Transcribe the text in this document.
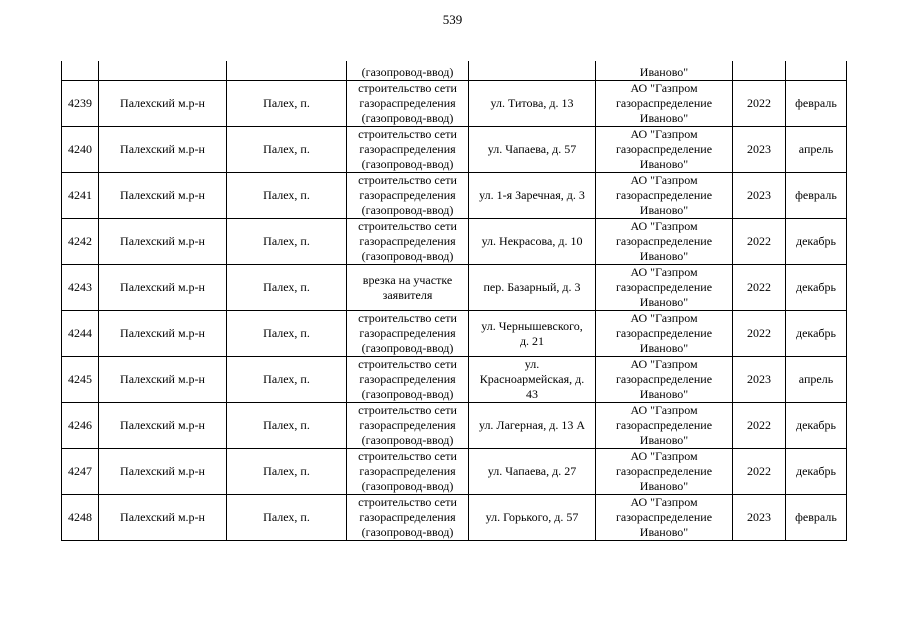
539
			(газопровод-ввод)		Иваново"		
4239	Палехский м.р-н	Палех, п.	строительство сети
газораспределения
(газопровод-ввод)	ул. Титова, д. 13	АО "Газпром
газораспределение
Иваново"	2022	февраль
4240	Палехский м.р-н	Палех, п.	строительство сети
газораспределения
(газопровод-ввод)	ул. Чапаева, д. 57	АО "Газпром
газораспределение
Иваново"	2023	апрель
4241	Палехский м.р-н	Палех, п.	строительство сети
газораспределения
(газопровод-ввод)	ул. 1-я Заречная, д. 3	АО "Газпром
газораспределение
Иваново"	2023	февраль
4242	Палехский м.р-н	Палех, п.	строительство сети
газораспределения
(газопровод-ввод)	ул. Некрасова, д. 10	АО "Газпром
газораспределение
Иваново"	2022	декабрь
4243	Палехский м.р-н	Палех, п.	врезка на участке
заявителя	пер. Базарный, д. 3	АО "Газпром
газораспределение
Иваново"	2022	декабрь
4244	Палехский м.р-н	Палех, п.	строительство сети
газораспределения
(газопровод-ввод)	ул. Чернышевского,
д. 21	АО "Газпром
газораспределение
Иваново"	2022	декабрь
4245	Палехский м.р-н	Палех, п.	строительство сети
газораспределения
(газопровод-ввод)	ул.
Красноармейская, д.
43	АО "Газпром
газораспределение
Иваново"	2023	апрель
4246	Палехский м.р-н	Палех, п.	строительство сети
газораспределения
(газопровод-ввод)	ул. Лагерная, д. 13 А	АО "Газпром
газораспределение
Иваново"	2022	декабрь
4247	Палехский м.р-н	Палех, п.	строительство сети
газораспределения
(газопровод-ввод)	ул. Чапаева, д. 27	АО "Газпром
газораспределение
Иваново"	2022	декабрь
4248	Палехский м.р-н	Палех, п.	строительство сети
газораспределения
(газопровод-ввод)	ул. Горького, д. 57	АО "Газпром
газораспределение
Иваново"	2023	февраль
